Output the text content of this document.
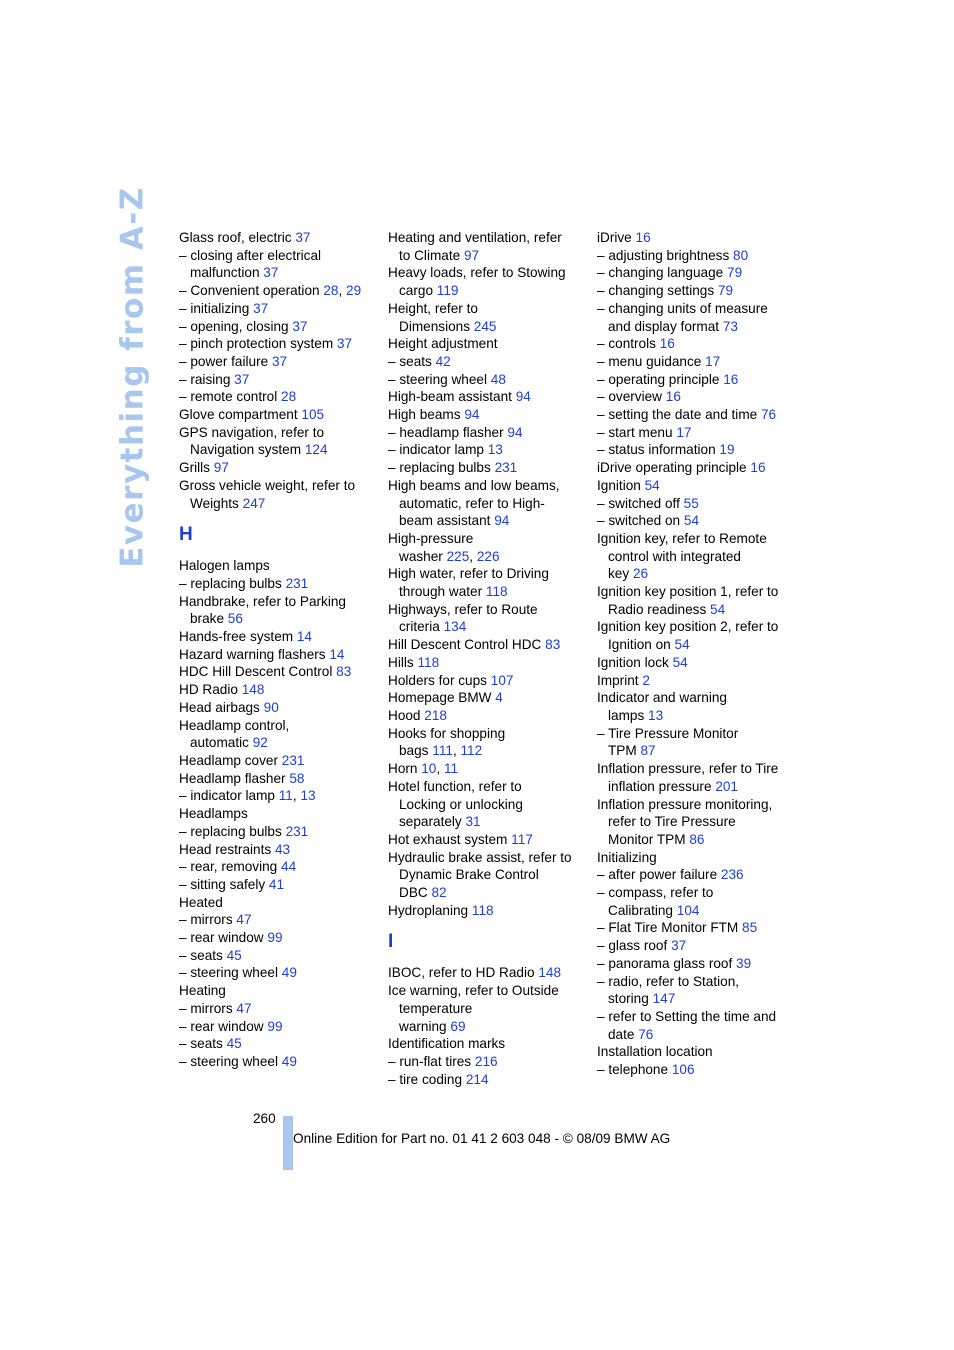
Everything from A-Z Glass roof, electric 37
– closing after electrical
malfunction 37
– Convenient operation 28, 29
– initializing 37
– opening, closing 37
– pinch protection system 37
– power failure 37
– raising 37
– remote control 28
Glove compartment 105
GPS navigation, refer to
Navigation system 124
Grills 97
Gross vehicle weight, refer to
Weights 247
H
Halogen lamps
– replacing bulbs 231
Handbrake, refer to Parking
brake 56
Hands-free system 14
Hazard warning flashers 14
HDC Hill Descent Control 83
HD Radio 148
Head airbags 90
Headlamp control,
automatic 92
Headlamp cover 231
Headlamp flasher 58
– indicator lamp 11, 13
Headlamps
– replacing bulbs 231
Head restraints 43
– rear, removing 44
– sitting safely 41
Heated
– mirrors 47
– rear window 99
– seats 45
– steering wheel 49
Heating
– mirrors 47
– rear window 99
– seats 45
– steering wheel 49
Heating and ventilation, refer
to Climate 97
Heavy loads, refer to Stowing
cargo 119
Height, refer to
Dimensions 245
Height adjustment
– seats 42
– steering wheel 48
High-beam assistant 94
High beams 94
– headlamp flasher 94
– indicator lamp 13
– replacing bulbs 231
High beams and low beams,
automatic, refer to High-
beam assistant 94
High-pressure
washer 225, 226
High water, refer to Driving
through water 118
Highways, refer to Route
criteria 134
Hill Descent Control HDC 83
Hills 118
Holders for cups 107
Homepage BMW 4
Hood 218
Hooks for shopping
bags 111, 112
Horn 10, 11
Hotel function, refer to
Locking or unlocking
separately 31
Hot exhaust system 117
Hydraulic brake assist, refer to
Dynamic Brake Control
DBC 82
Hydroplaning 118
I
IBOC, refer to HD Radio 148
Ice warning, refer to Outside
temperature
warning 69
Identification marks
– run-flat tires 216
– tire coding 214
iDrive 16
– adjusting brightness 80
– changing language 79
– changing settings 79
– changing units of measure
and display format 73
– controls 16
– menu guidance 17
– operating principle 16
– overview 16
– setting the date and time 76
– start menu 17
– status information 19
iDrive operating principle 16
Ignition 54
– switched off 55
– switched on 54
Ignition key, refer to Remote
control with integrated
key 26
Ignition key position 1, refer to
Radio readiness 54
Ignition key position 2, refer to
Ignition on 54
Ignition lock 54
Imprint 2
Indicator and warning
lamps 13
– Tire Pressure Monitor
TPM 87
Inflation pressure, refer to Tire
inflation pressure 201
Inflation pressure monitoring,
refer to Tire Pressure
Monitor TPM 86
Initializing
– after power failure 236
– compass, refer to
Calibrating 104
– Flat Tire Monitor FTM 85
– glass roof 37
– panorama glass roof 39
– radio, refer to Station,
storing 147
– refer to Setting the time and
date 76
Installation location
– telephone 106
260
Online Edition for Part no. 01 41 2 603 048 - © 08/09 BMW AG
